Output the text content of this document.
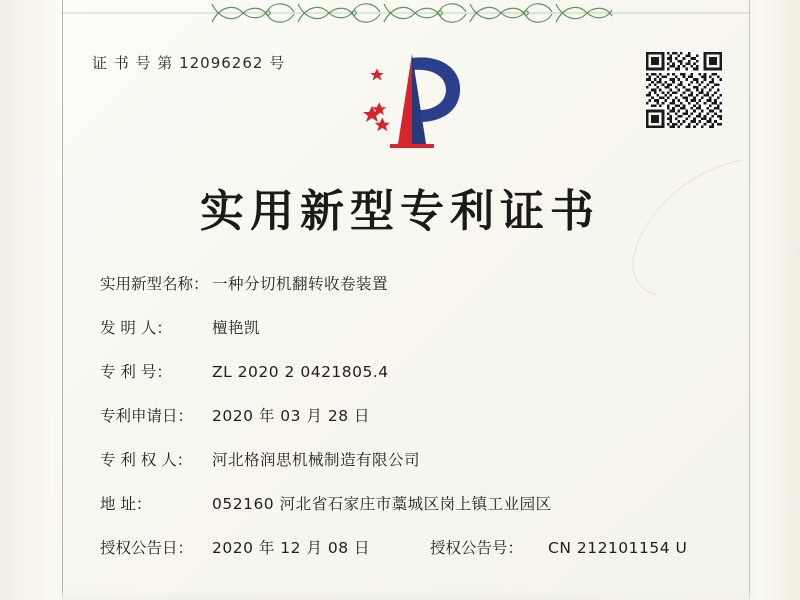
证 书 号 第 12096262 号
实用新型专利证书
实用新型名称： 一种分切机翻转收卷装置
发 明 人：	檀艳凯
专 利 号：	ZL 2020 2 0421805.4
专利申请日：	2020 年 03 月 28 日
专 利 权 人：	河北格润思机械制造有限公司
地 址：	052160 河北省石家庄市藁城区岗上镇工业园区
授权公告日：	2020 年 12 月 08 日	授权公告号：	CN 212101154 U
